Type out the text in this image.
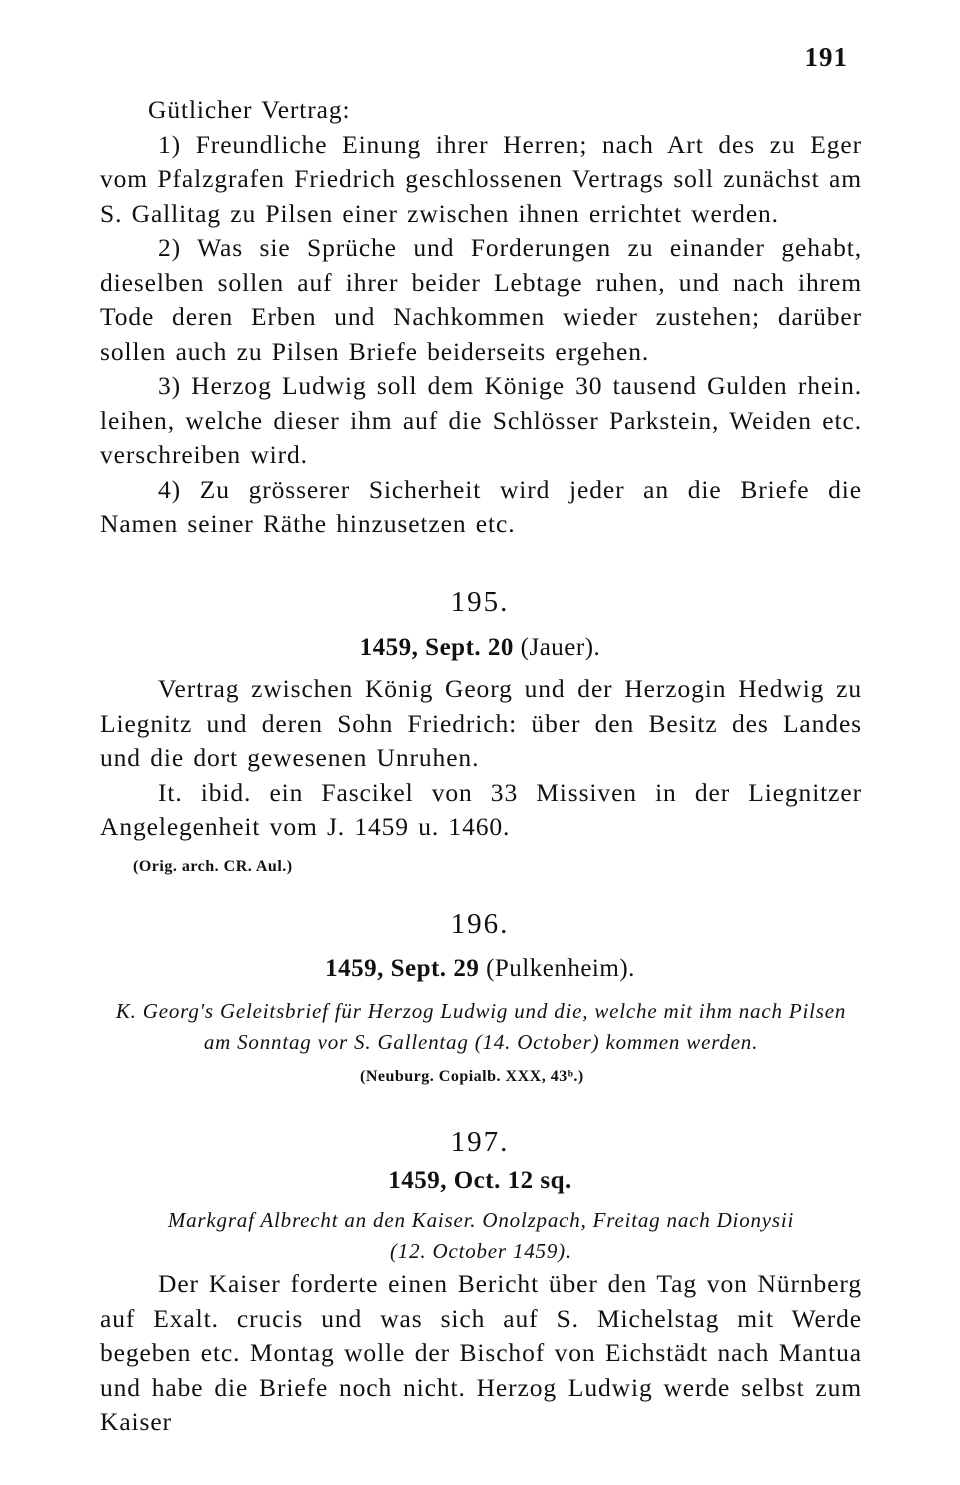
191

Gütlicher Vertrag:

1) Freundliche Einung ihrer Herren; nach Art des zu Eger vom Pfalzgrafen Friedrich geschlossenen Vertrags soll zunächst am S. Gallitag zu Pilsen einer zwischen ihnen errichtet werden.

2) Was sie Sprüche und Forderungen zu einander gehabt, dieselben sollen auf ihrer beider Lebtage ruhen, und nach ihrem Tode deren Erben und Nachkommen wieder zustehen; darüber sollen auch zu Pilsen Briefe beiderseits ergehen.

3) Herzog Ludwig soll dem Könige 30 tausend Gulden rhein. leihen, welche dieser ihm auf die Schlösser Parkstein, Weiden etc. verschreiben wird.

4) Zu grösserer Sicherheit wird jeder an die Briefe die Namen seiner Räthe hinzusetzen etc.

195.
1459, Sept. 20 (Jauer).

Vertrag zwischen König Georg und der Herzogin Hedwig zu Liegnitz und deren Sohn Friedrich: über den Besitz des Landes und die dort gewesenen Unruhen.

It. ibid. ein Fascikel von 33 Missiven in der Liegnitzer Angelegenheit vom J. 1459 u. 1460.

(Orig. arch. CR. Aul.)
196.
1459, Sept. 29 (Pulkenheim).

K. Georg's Geleitsbrief für Herzog Ludwig und die, welche mit ihm nach Pilsen

am Sonntag vor S. Gallentag (14. October) kommen werden.

(Neuburg. Copialb. XXX, 43ᵇ.)
197.
1459, Oct. 12 sq.

Markgraf Albrecht an den Kaiser. Onolzpach, Freitag nach Dionysii

(12. October 1459).

Der Kaiser forderte einen Bericht über den Tag von Nürnberg auf Exalt. crucis und was sich auf S. Michelstag mit Werde begeben etc. Montag wolle der Bischof von Eichstädt nach Mantua und habe die Briefe noch nicht. Herzog Ludwig werde selbst zum Kaiser
